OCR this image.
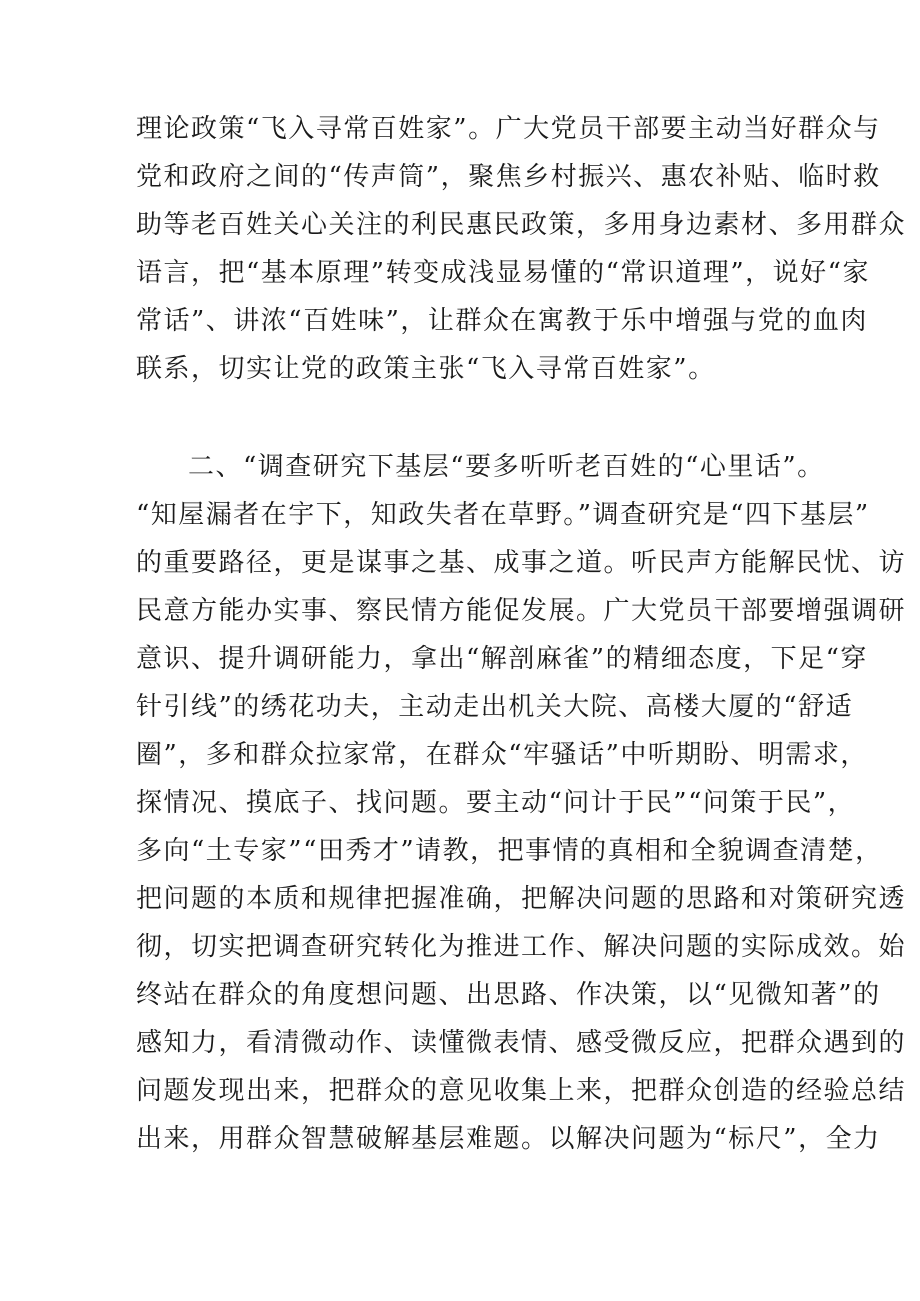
理论政策“飞入寻常百姓家”。广大党员干部要主动当好群众与
党和政府之间的“传声筒”，聚焦乡村振兴、惠农补贴、临时救
助等老百姓关心关注的利民惠民政策，多用身边素材、多用群众
语言，把“基本原理”转变成浅显易懂的“常识道理”，说好“家
常话”、讲浓“百姓味”，让群众在寓教于乐中增强与党的血肉
联系，切实让党的政策主张“飞入寻常百姓家”。
二、“调查研究下基层“要多听听老百姓的“心里话”。
“知屋漏者在宇下，知政失者在草野。”调查研究是“四下基层”
的重要路径，更是谋事之基、成事之道。听民声方能解民忧、访
民意方能办实事、察民情方能促发展。广大党员干部要增强调研
意识、提升调研能力，拿出“解剖麻雀”的精细态度，下足“穿
针引线”的绣花功夫，主动走出机关大院、高楼大厦的“舒适
圈”，多和群众拉家常，在群众“牢骚话”中听期盼、明需求，
探情况、摸底子、找问题。要主动“问计于民”“问策于民”，
多向“土专家”“田秀才”请教，把事情的真相和全貌调查清楚，
把问题的本质和规律把握准确，把解决问题的思路和对策研究透
彻，切实把调查研究转化为推进工作、解决问题的实际成效。始
终站在群众的角度想问题、出思路、作决策，以“见微知著”的
感知力，看清微动作、读懂微表情、感受微反应，把群众遇到的
问题发现出来，把群众的意见收集上来，把群众创造的经验总结
出来，用群众智慧破解基层难题。以解决问题为“标尺”，全力
